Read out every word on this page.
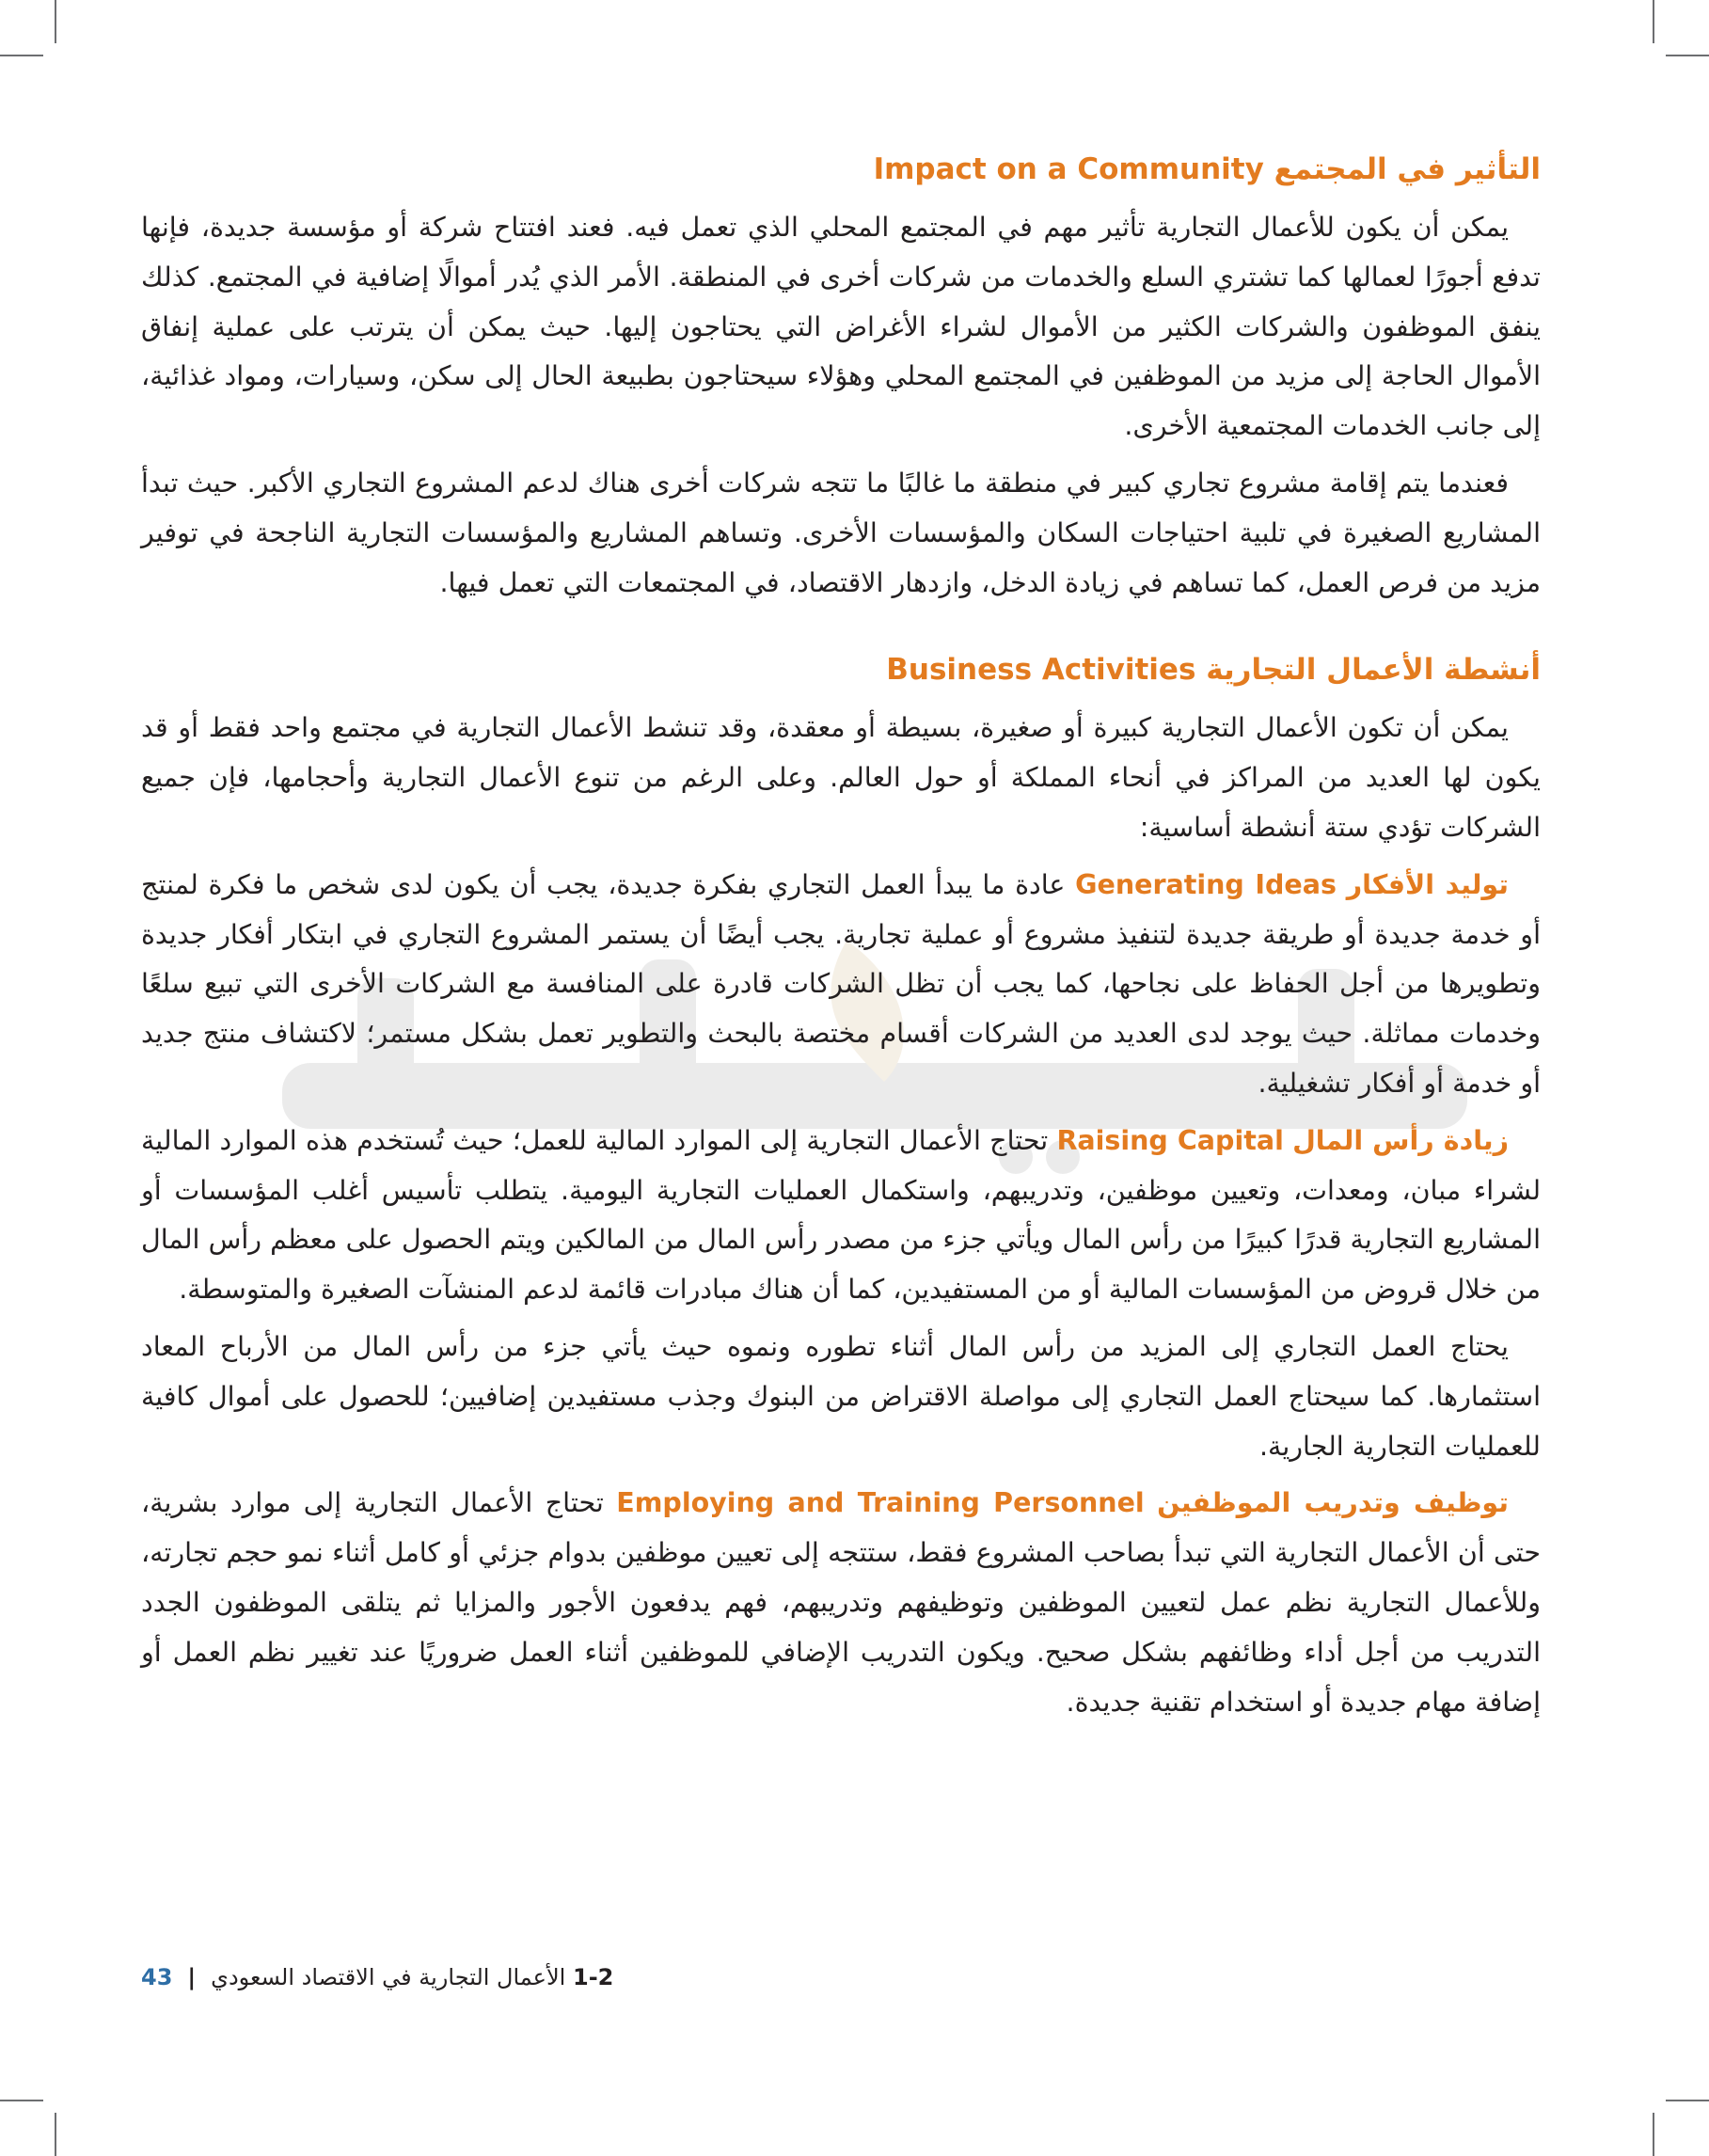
التأثير في المجتمع Impact on a Community

يمكن أن يكون للأعمال التجارية تأثير مهم في المجتمع المحلي الذي تعمل فيه. فعند افتتاح شركة أو مؤسسة جديدة، فإنها تدفع أجورًا لعمالها كما تشتري السلع والخدمات من شركات أخرى في المنطقة. الأمر الذي يُدر أموالًا إضافية في المجتمع. كذلك ينفق الموظفون والشركات الكثير من الأموال لشراء الأغراض التي يحتاجون إليها. حيث يمكن أن يترتب على عملية إنفاق الأموال الحاجة إلى مزيد من الموظفين في المجتمع المحلي وهؤلاء سيحتاجون بطبيعة الحال إلى سكن، وسيارات، ومواد غذائية، إلى جانب الخدمات المجتمعية الأخرى.

فعندما يتم إقامة مشروع تجاري كبير في منطقة ما غالبًا ما تتجه شركات أخرى هناك لدعم المشروع التجاري الأكبر. حيث تبدأ المشاريع الصغيرة في تلبية احتياجات السكان والمؤسسات الأخرى. وتساهم المشاريع والمؤسسات التجارية الناجحة في توفير مزيد من فرص العمل، كما تساهم في زيادة الدخل، وازدهار الاقتصاد، في المجتمعات التي تعمل فيها.

أنشطة الأعمال التجارية Business Activities

يمكن أن تكون الأعمال التجارية كبيرة أو صغيرة، بسيطة أو معقدة، وقد تنشط الأعمال التجارية في مجتمع واحد فقط أو قد يكون لها العديد من المراكز في أنحاء المملكة أو حول العالم. وعلى الرغم من تنوع الأعمال التجارية وأحجامها، فإن جميع الشركات تؤدي ستة أنشطة أساسية:

توليد الأفكار Generating Ideas عادة ما يبدأ العمل التجاري بفكرة جديدة، يجب أن يكون لدى شخص ما فكرة لمنتج أو خدمة جديدة أو طريقة جديدة لتنفيذ مشروع أو عملية تجارية. يجب أيضًا أن يستمر المشروع التجاري في ابتكار أفكار جديدة وتطويرها من أجل الحفاظ على نجاحها، كما يجب أن تظل الشركات قادرة على المنافسة مع الشركات الأخرى التي تبيع سلعًا وخدمات مماثلة. حيث يوجد لدى العديد من الشركات أقسام مختصة بالبحث والتطوير تعمل بشكل مستمر؛ لاكتشاف منتج جديد أو خدمة أو أفكار تشغيلية.

زيادة رأس المال Raising Capital تحتاج الأعمال التجارية إلى الموارد المالية للعمل؛ حيث تُستخدم هذه الموارد المالية لشراء مبان، ومعدات، وتعيين موظفين، وتدريبهم، واستكمال العمليات التجارية اليومية. يتطلب تأسيس أغلب المؤسسات أو المشاريع التجارية قدرًا كبيرًا من رأس المال ويأتي جزء من مصدر رأس المال من المالكين ويتم الحصول على معظم رأس المال من خلال قروض من المؤسسات المالية أو من المستفيدين، كما أن هناك مبادرات قائمة لدعم المنشآت الصغيرة والمتوسطة.

يحتاج العمل التجاري إلى المزيد من رأس المال أثناء تطوره ونموه حيث يأتي جزء من رأس المال من الأرباح المعاد استثمارها. كما سيحتاج العمل التجاري إلى مواصلة الاقتراض من البنوك وجذب مستفيدين إضافيين؛ للحصول على أموال كافية للعمليات التجارية الجارية.

توظيف وتدريب الموظفين Employing and Training Personnel تحتاج الأعمال التجارية إلى موارد بشرية، حتى أن الأعمال التجارية التي تبدأ بصاحب المشروع فقط، ستتجه إلى تعيين موظفين بدوام جزئي أو كامل أثناء نمو حجم تجارته، وللأعمال التجارية نظم عمل لتعيين الموظفين وتوظيفهم وتدريبهم، فهم يدفعون الأجور والمزايا ثم يتلقى الموظفون الجدد التدريب من أجل أداء وظائفهم بشكل صحيح. ويكون التدريب الإضافي للموظفين أثناء العمل ضروريًا عند تغيير نظم العمل أو إضافة مهام جديدة أو استخدام تقنية جديدة.

43 |	1-2 الأعمال التجارية في الاقتصاد السعودي
